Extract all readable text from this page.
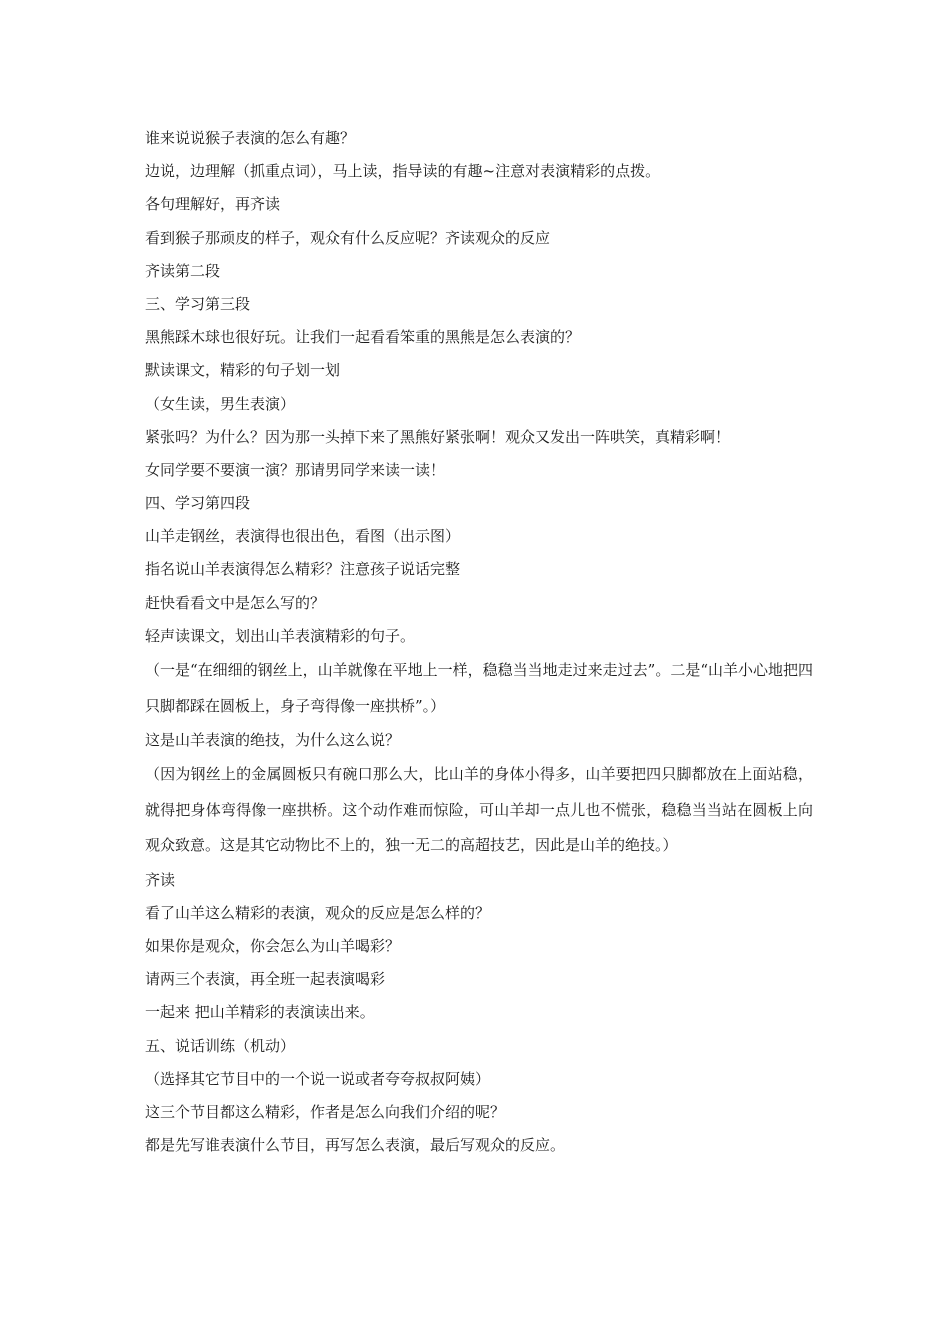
谁来说说猴子表演的怎么有趣？
边说，边理解（抓重点词），马上读，指导读的有趣~注意对表演精彩的点拨。
各句理解好，再齐读
看到猴子那顽皮的样子，观众有什么反应呢？齐读观众的反应
齐读第二段
三、学习第三段
黑熊踩木球也很好玩。让我们一起看看笨重的黑熊是怎么表演的？
默读课文，精彩的句子划一划
（女生读，男生表演）
紧张吗？为什么？因为那一头掉下来了黑熊好紧张啊！观众又发出一阵哄笑，真精彩啊！
女同学要不要演一演？那请男同学来读一读！
四、学习第四段
山羊走钢丝，表演得也很出色，看图（出示图）
指名说山羊表演得怎么精彩？注意孩子说话完整
赶快看看文中是怎么写的？
轻声读课文，划出山羊表演精彩的句子。
（一是“在细细的钢丝上，山羊就像在平地上一样，稳稳当当地走过来走过去”。二是“山羊小心地把四只脚都踩在圆板上，身子弯得像一座拱桥”。）
这是山羊表演的绝技，为什么这么说？
（因为钢丝上的金属圆板只有碗口那么大，比山羊的身体小得多，山羊要把四只脚都放在上面站稳，就得把身体弯得像一座拱桥。这个动作难而惊险，可山羊却一点儿也不慌张，稳稳当当站在圆板上向观众致意。这是其它动物比不上的，独一无二的高超技艺，因此是山羊的绝技。）
齐读
看了山羊这么精彩的表演，观众的反应是怎么样的？
如果你是观众，你会怎么为山羊喝彩？
请两三个表演，再全班一起表演喝彩
一起来 把山羊精彩的表演读出来。
五、说话训练（机动）
（选择其它节目中的一个说一说或者夸夸叔叔阿姨）
这三个节目都这么精彩，作者是怎么向我们介绍的呢？
都是先写谁表演什么节目，再写怎么表演，最后写观众的反应。
